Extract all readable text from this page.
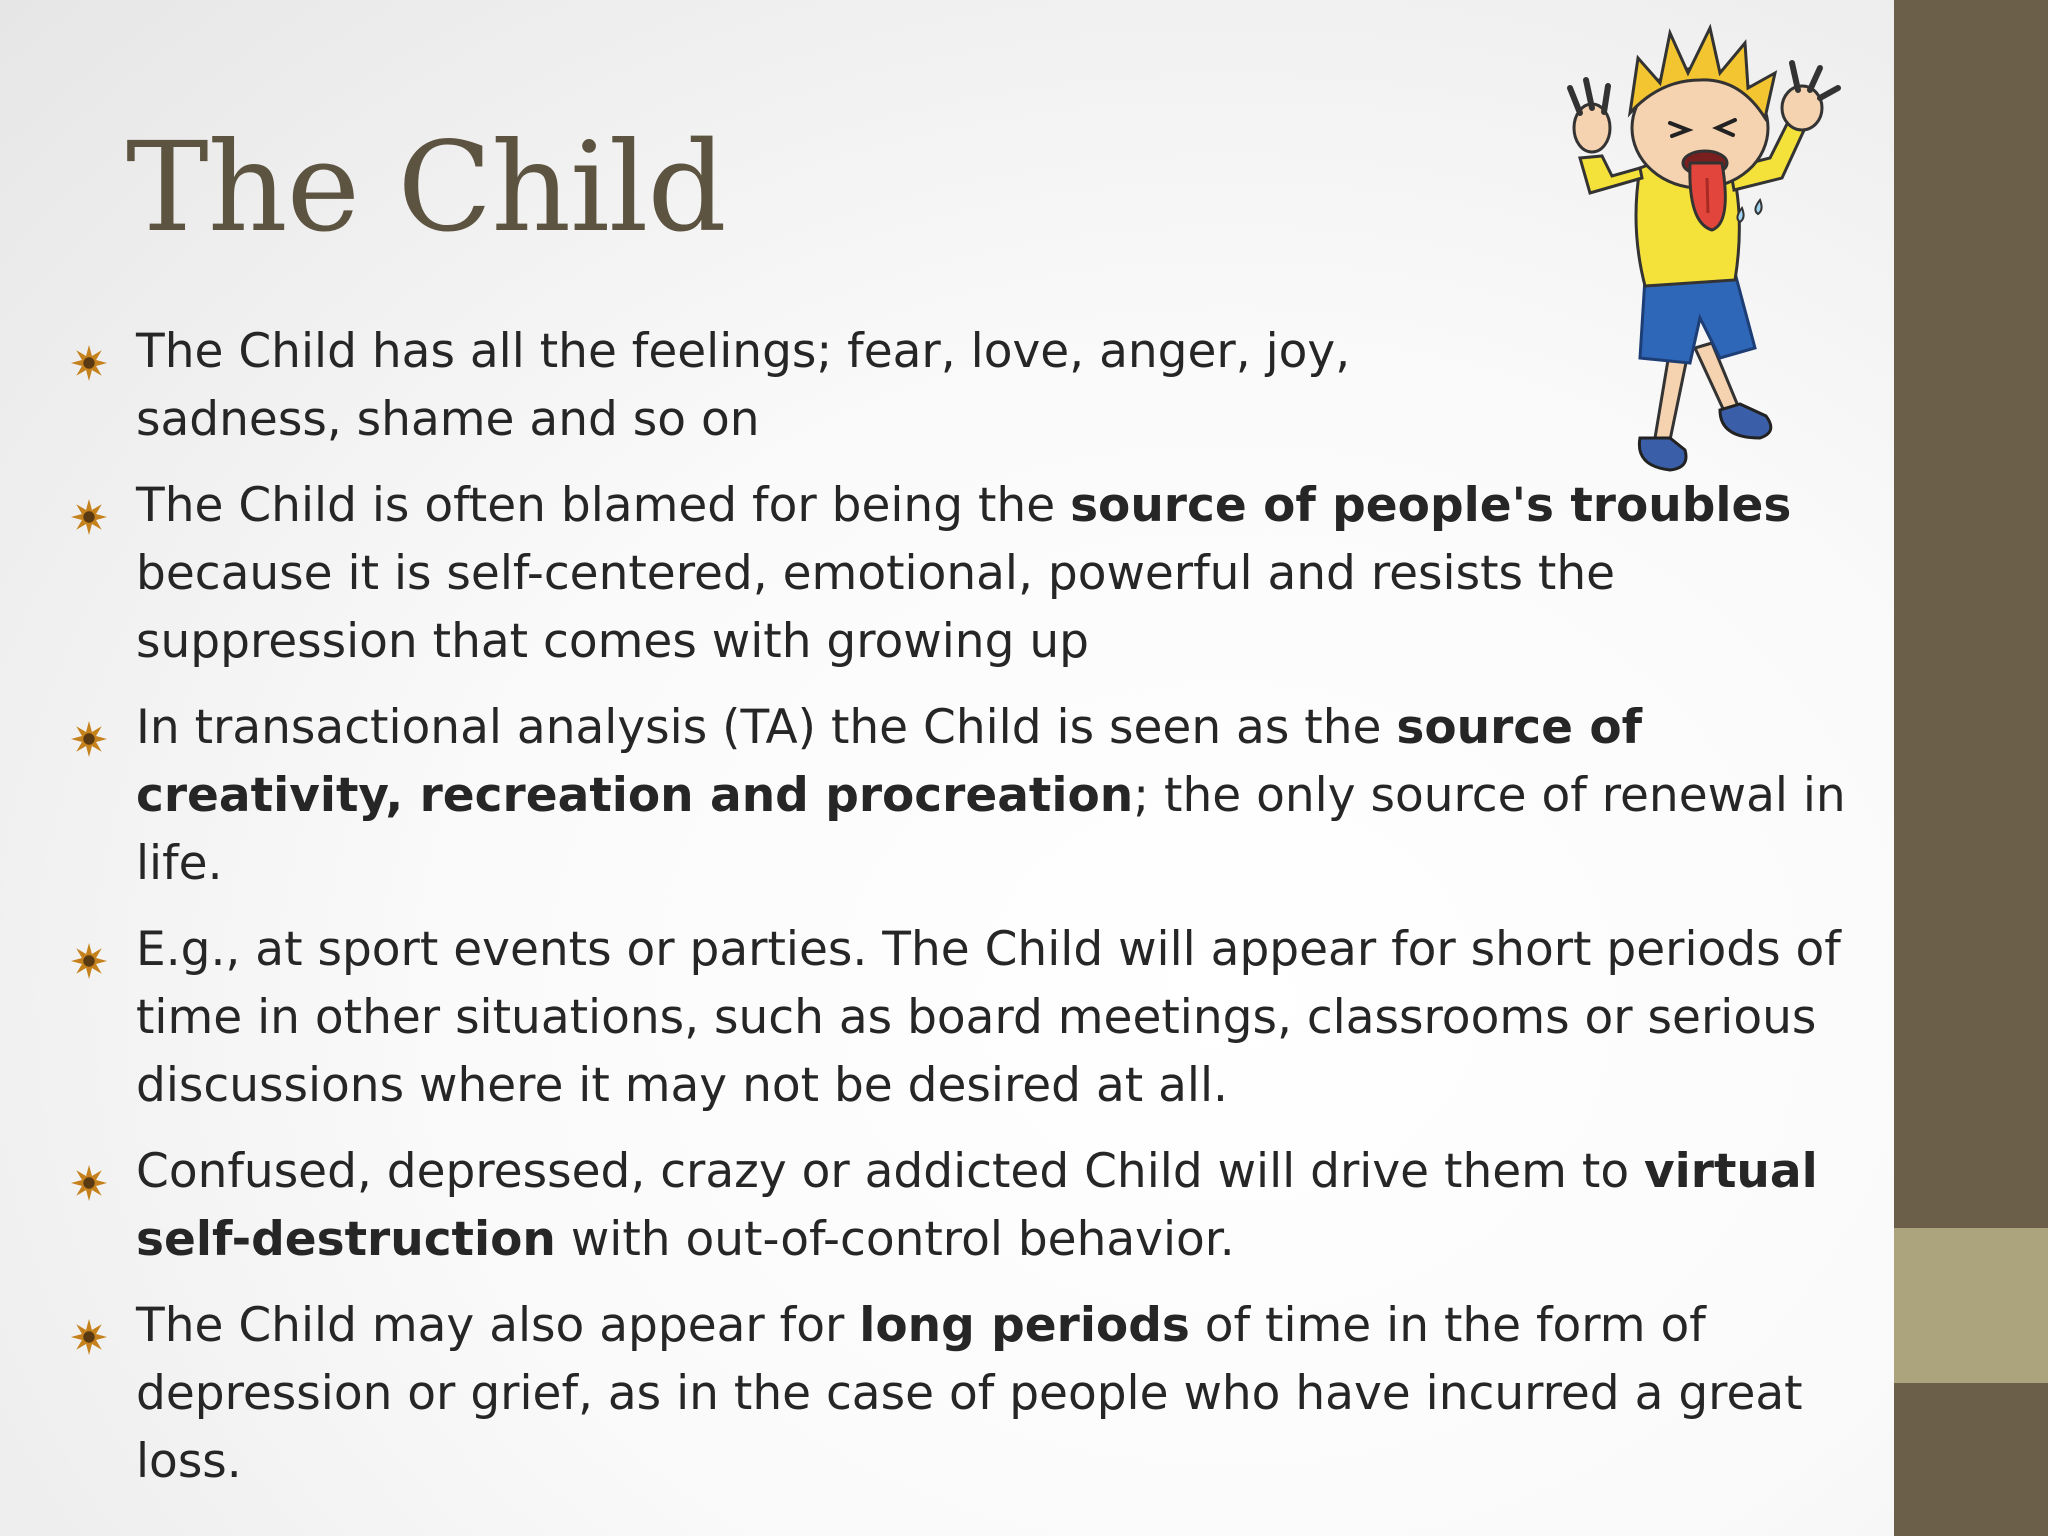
The Child
The Child has all the feelings; fear, love, anger, joy, sadness, shame and so on
The Child is often blamed for being the source of people's troubles because it is self-centered, emotional, powerful and resists the suppression that comes with growing up
In transactional analysis (TA) the Child is seen as the source of creativity, recreation and procreation; the only source of renewal in life.
E.g., at sport events or parties. The Child will appear for short periods of time in other situations, such as board meetings, classrooms or serious discussions where it may not be desired at all.
Confused, depressed, crazy or addicted Child will drive them to virtual self-destruction with out-of-control behavior.
The Child may also appear for long periods of time in the form of depression or grief, as in the case of people who have incurred a great loss.
